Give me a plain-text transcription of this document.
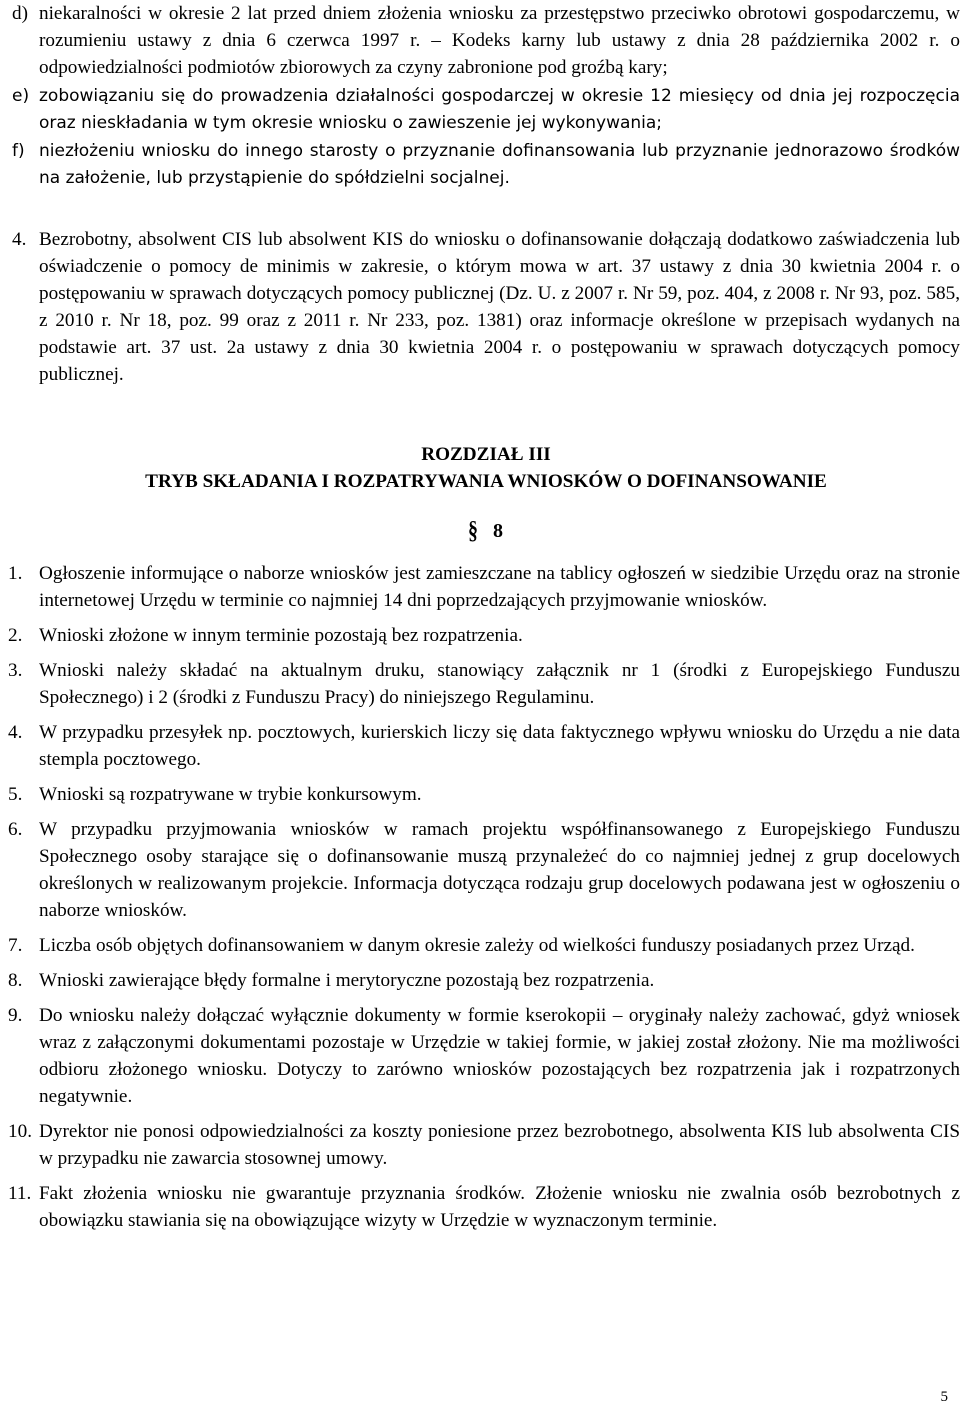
d) niekaralności w okresie 2 lat przed dniem złożenia wniosku za przestępstwo przeciwko obrotowi gospodarczemu, w rozumieniu ustawy z dnia 6 czerwca 1997 r. – Kodeks karny lub ustawy z dnia 28 października 2002 r. o odpowiedzialności podmiotów zbiorowych za czyny zabronione pod groźbą kary;
e) zobowiązaniu się do prowadzenia działalności gospodarczej w okresie 12 miesięcy od dnia jej rozpoczęcia oraz nieskładania w tym okresie wniosku o zawieszenie jej wykonywania;
f) niezłożeniu wniosku do innego starosty o przyznanie dofinansowania lub przyznanie jednorazowo środków na założenie, lub przystąpienie do spółdzielni socjalnej.
4. Bezrobotny, absolwent CIS lub absolwent KIS do wniosku o dofinansowanie dołączają dodatkowo zaświadczenia lub oświadczenie o pomocy de minimis w zakresie, o którym mowa w art. 37 ustawy z dnia 30 kwietnia 2004 r. o postępowaniu w sprawach dotyczących pomocy publicznej (Dz. U. z 2007 r. Nr 59, poz. 404, z 2008 r. Nr 93, poz. 585, z 2010 r. Nr 18, poz. 99 oraz z 2011 r. Nr 233, poz. 1381) oraz informacje określone w przepisach wydanych na podstawie art. 37 ust. 2a ustawy z dnia 30 kwietnia 2004 r. o postępowaniu w sprawach dotyczących pomocy publicznej.
ROZDZIAŁ III
TRYB SKŁADANIA I ROZPATRYWANIA WNIOSKÓW O DOFINANSOWANIE
§ 8
1. Ogłoszenie informujące o naborze wniosków jest zamieszczane na tablicy ogłoszeń w siedzibie Urzędu oraz na stronie internetowej Urzędu w terminie co najmniej 14 dni poprzedzających przyjmowanie wniosków.
2. Wnioski złożone w innym terminie pozostają bez rozpatrzenia.
3. Wnioski należy składać na aktualnym druku, stanowiący załącznik nr 1 (środki z Europejskiego Funduszu Społecznego) i 2 (środki z Funduszu Pracy) do niniejszego Regulaminu.
4. W przypadku przesyłek np. pocztowych, kurierskich liczy się data faktycznego wpływu wniosku do Urzędu a nie data stempla pocztowego.
5. Wnioski są rozpatrywane w trybie konkursowym.
6. W przypadku przyjmowania wniosków w ramach projektu współfinansowanego z Europejskiego Funduszu Społecznego osoby starające się o dofinansowanie muszą przynależeć do co najmniej jednej z grup docelowych określonych w realizowanym projekcie. Informacja dotycząca rodzaju grup docelowych podawana jest w ogłoszeniu o naborze wniosków.
7. Liczba osób objętych dofinansowaniem w danym okresie zależy od wielkości funduszy posiadanych przez Urząd.
8. Wnioski zawierające błędy formalne i merytoryczne pozostają bez rozpatrzenia.
9. Do wniosku należy dołączać wyłącznie dokumenty w formie kserokopii – oryginały należy zachować, gdyż wniosek wraz z załączonymi dokumentami pozostaje w Urzędzie w takiej formie, w jakiej został złożony. Nie ma możliwości odbioru złożonego wniosku. Dotyczy to zarówno wniosków pozostających bez rozpatrzenia jak i rozpatrzonych negatywnie.
10. Dyrektor nie ponosi odpowiedzialności za koszty poniesione przez bezrobotnego, absolwenta KIS lub absolwenta CIS w przypadku nie zawarcia stosownej umowy.
11. Fakt złożenia wniosku nie gwarantuje przyznania środków. Złożenie wniosku nie zwalnia osób bezrobotnych z obowiązku stawiania się na obowiązujące wizyty w Urzędzie w wyznaczonym terminie.
5
